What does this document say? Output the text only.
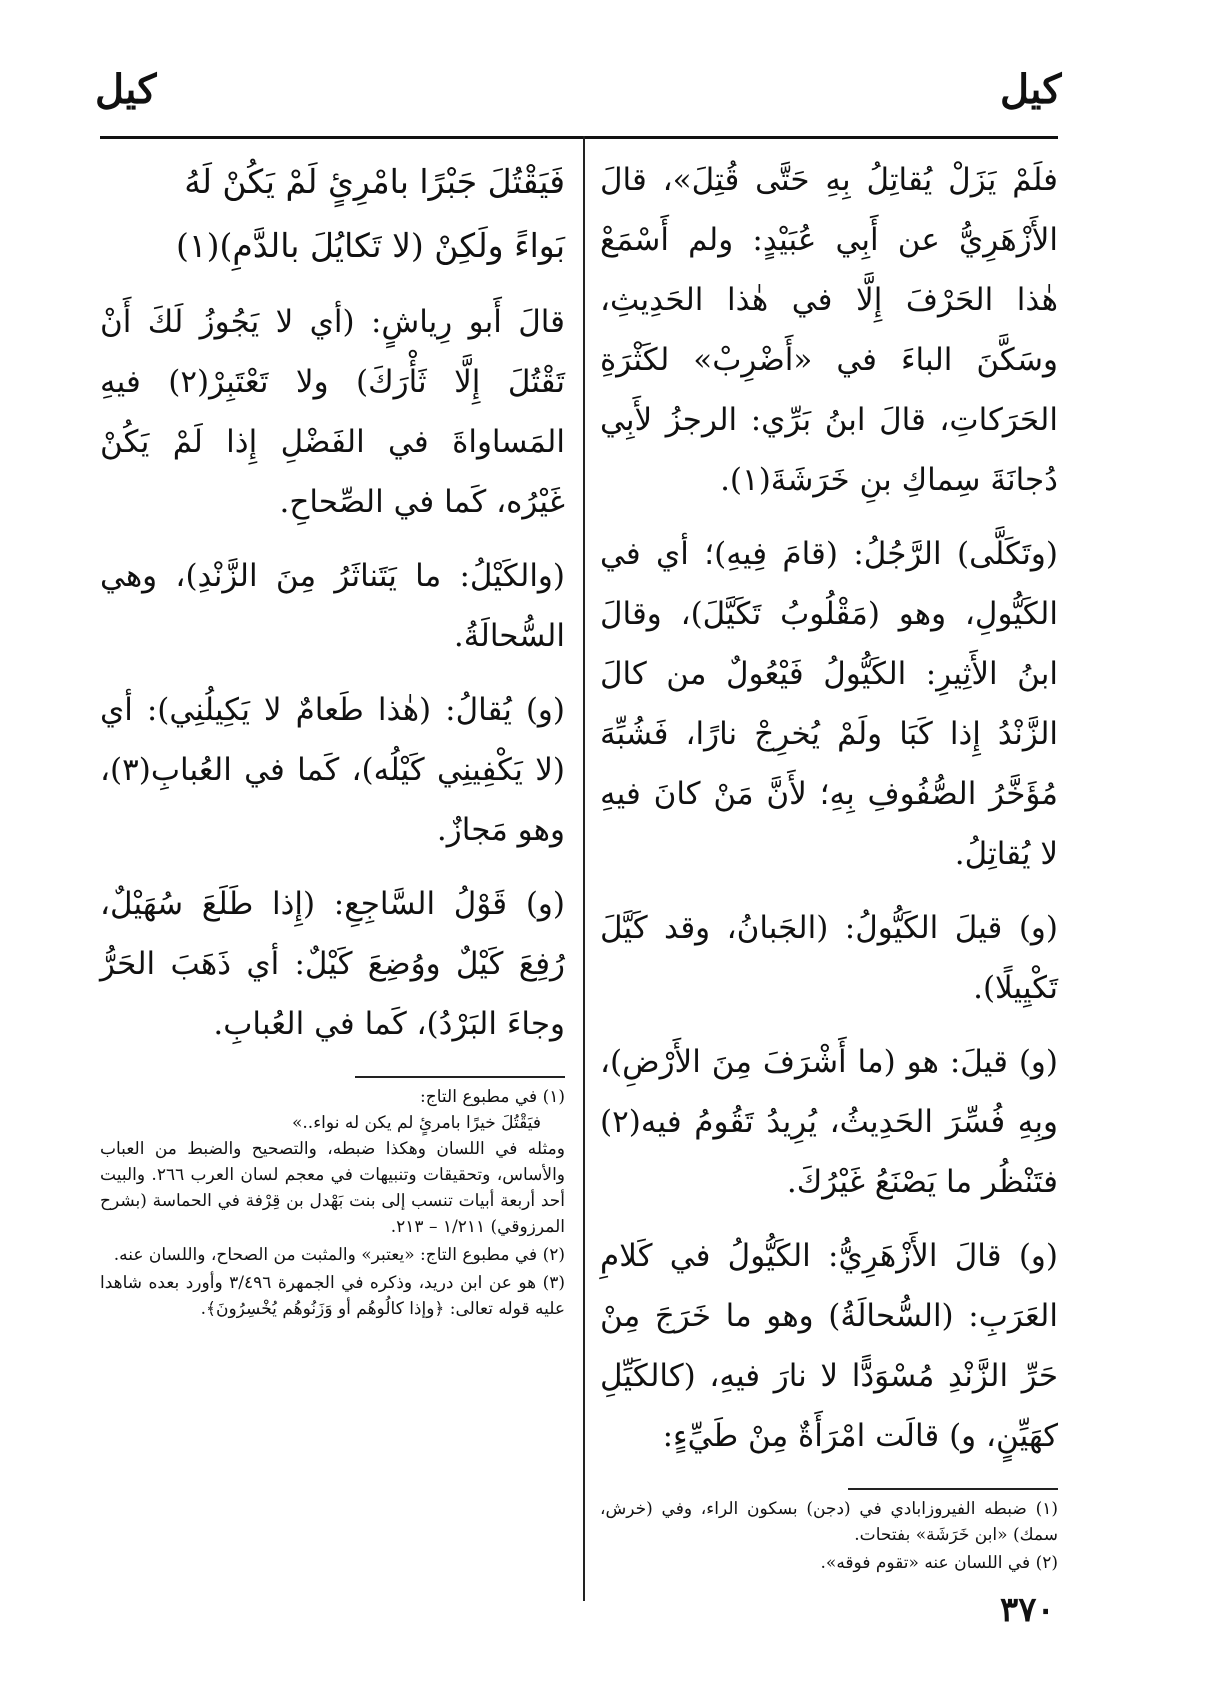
كيل
كيل

فلَمْ يَزَلْ يُقاتِلُ بِهِ حَتَّى قُتِلَ»، قالَ الأَزْهَرِيُّ عن أَبِي عُبَيْدٍ: ولم أَسْمَعْ هٰذا الحَرْفَ إِلَّا في هٰذا الحَدِيثِ، وسَكَّنَ الباءَ في «أَضْرِبْ» لكَثْرَةِ الحَرَكاتِ، قالَ ابنُ بَرِّي: الرجزُ لأَبِي دُجانَةَ سِماكِ بنِ خَرَشَةَ(١).

(وتَكَلَّى) الرَّجُلُ: (قامَ فِيهِ)؛ أي في الكَيُّولِ، وهو (مَقْلُوبُ تَكَيَّلَ)، وقالَ ابنُ الأَثِيرِ: الكَيُّولُ فَيْعُولٌ من كالَ الزَّنْدُ إِذا كَبَا ولَمْ يُخرِجْ نارًا، فَشُبِّهَ مُؤَخَّرُ الصُّفُوفِ بِهِ؛ لأَنَّ مَنْ كانَ فيهِ لا يُقاتِلُ.

(و) قيلَ الكَيُّولُ: (الجَبانُ، وقد كَيَّلَ تَكْيِيلًا).

(و) قيلَ: هو (ما أَشْرَفَ مِنَ الأَرْضِ)، وبِهِ فُسِّرَ الحَدِيثُ، يُرِيدُ تَقُومُ فيه(٢) فتَنْظُر ما يَصْنَعُ غَيْرُكَ.

(و) قالَ الأَزْهَرِيُّ: الكَيُّولُ في كَلامِ العَرَبِ: (السُّحالَةُ) وهو ما خَرَجَ مِنْ حَرِّ الزَّنْدِ مُسْوَدًّا لا نارَ فيهِ، (كالكَيِّلِ كهَيِّنٍ، و) قالَت امْرَأَةٌ مِنْ طَيِّءٍ:

(١) ضبطه الفيروزابادي في (دجن) بسكون الراء، وفي (خرش، سمك) «ابن خَرَشَة» بفتحات.

(٢) في اللسان عنه «تقوم فوقه».

فَيَقْتُلَ جَبْرًا بامْرِئٍ لَمْ يَكُنْ لَهُ

بَواءً ولَكِنْ (لا تَكايُلَ بالدَّمِ)(١)

قالَ أَبو رِياشٍ: (أي لا يَجُوزُ لَكَ أَنْ تَقْتُلَ إِلَّا ثَأْرَكَ) ولا تَعْتَبِرْ(٢) فيهِ المَساواةَ في الفَضْلِ إِذا لَمْ يَكُنْ غَيْرُه، كَما في الصِّحاحِ.

(والكَيْلُ: ما يَتَناثَرُ مِنَ الزَّنْدِ)، وهي السُّحالَةُ.

(و) يُقالُ: (هٰذا طَعامٌ لا يَكِيلُنِي): أي (لا يَكْفِينِي كَيْلُه)، كَما في العُبابِ(٣)، وهو مَجازٌ.

(و) قَوْلُ السَّاجِعِ: (إِذا طَلَعَ سُهَيْلٌ، رُفِعَ كَيْلٌ ووُضِعَ كَيْلٌ: أي ذَهَبَ الحَرُّ وجاءَ البَرْدُ)، كَما في العُبابِ.

(١) في مطبوع التاج:
فيَقْتُلَ خيرًا بامرئٍ لم يكن له نواء..»
ومثله في اللسان وهكذا ضبطه، والتصحيح والضبط من العباب والأساس، وتحقيقات وتنبيهات في معجم لسان العرب ٢٦٦. والبيت أحد أربعة أبيات تنسب إلى بنت بَهْدل بن قِرْفة في الحماسة (بشرح المرزوقي) ١/٢١١ – ٢١٣.

(٢) في مطبوع التاج: «يعتبر» والمثبت من الصحاح، واللسان عنه.

(٣) هو عن ابن دريد، وذكره في الجمهرة ٣/٤٩٦ وأورد بعده شاهدا عليه قوله تعالى: ﴿وإذا كالُوهُم أو وَزَنُوهُم يُخْسِرُونَ﴾.

٣٧٠
